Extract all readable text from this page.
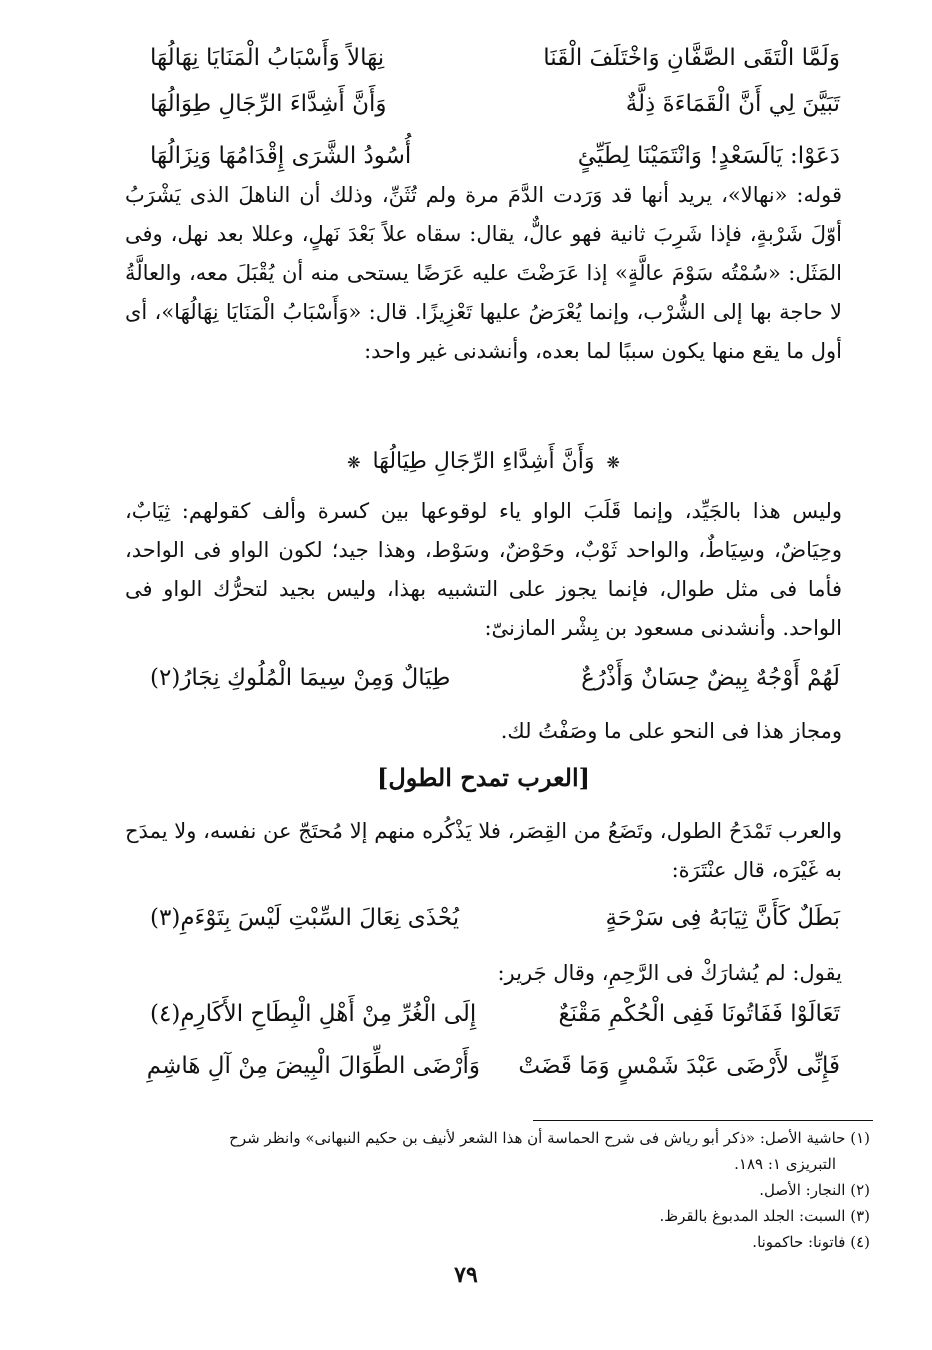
وَلَمَّا الْتَقَى الصَّفَّانِ وَاخْتَلَفَ الْقَنَا
نِهَالاً وَأَسْبَابُ الْمَنَايَا نِهَالُهَا
تَبَيَّنَ لِي أَنَّ الْقَمَاءَةَ ذِلَّةٌ
وَأَنَّ أَشِدَّاءَ الرِّجَالِ طِوَالُهَا
دَعَوْا: يَالَسَعْدٍ! وَانْتَمَيْنَا لِطَيِّئٍ
أُسُودُ الشَّرَى إِقْدَامُهَا وَنِزَالُهَا
قوله: «نهالا»، يريد أنها قد وَرَدت الدَّمَ مرة ولم تُثَنِّ، وذلك أن الناهلَ الذى يَشْرَبُ أوّلَ شَرْبةٍ، فإذا شَرِبَ ثانية فهو عالٌّ، يقال: سقاه علاً بَعْدَ نَهلٍ، وعللا بعد نهل، وفى المَثَل: «سُمْتُه سَوْمَ عالَّةٍ» إذا عَرَضْتَ عليه عَرَضًا يستحى منه أن يُقْبَلَ معه، والعالَّةُ لا حاجة بها إلى الشُّرْب، وإنما يُعْرَضُ عليها تَعْزِيزًا. قال: «وَأَسْبَابُ الْمَنَايَا نِهَالُهَا»، أى أول ما يقع منها يكون سببًا لما بعده، وأنشدنى غير واحد:
❋وَأَنَّ أَشِدَّاءِ الرِّجَالِ طِيَالُهَا❋
وليس هذا بالجَيِّد، وإنما قَلَبَ الواو ياء لوقوعها بين كسرة وألف كقولهم: ثِيَابٌ، وحِيَاضٌ، وسِيَاطٌ، والواحد ثَوْبٌ، وحَوْضٌ، وسَوْط، وهذا جيد؛ لكون الواو فى الواحد، فأما فى مثل طوال، فإنما يجوز على التشبيه بهذا، وليس بجيد لتحرُّك الواو فى الواحد. وأنشدنى مسعود بن بِشْر المازنىّ:
لَهُمْ أَوْجُهٌ بِيضٌ حِسَانٌ وَأَذْرُعٌ
طِيَالٌ وَمِنْ سِيمَا الْمُلُوكِ نِجَارُ(٢)
ومجاز هذا فى النحو على ما وصَفْتُ لك.
[العرب تمدح الطول]
والعرب تَمْدَحُ الطول، وتَضَعُ من القِصَر، فلا يَذْكُره منهم إلا مُحتَجّ عن نفسه، ولا يمدَح به غَيْرَه، قال عنْتَرَة:
بَطَلٌ كَأَنَّ ثِيَابَهُ فِى سَرْحَةٍ
يُحْذَى نِعَالَ السِّبْتِ لَيْسَ بِتَوْءَمِ(٣)
يقول: لم يُشارَكْ فى الرَّحِمِ، وقال جَرير:
تَعَالَوْا فَفَاتُونَا فَفِى الْحُكْمِ مَقْنَعٌ
إِلَى الْغُرِّ مِنْ أَهْلِ الْبِطَاحِ الأَكَارِمِ(٤)
فَإِنِّى لأَرْضَى عَبْدَ شَمْسٍ وَمَا قَضَتْ
وَأَرْضَى الطِّوَالَ الْبِيضَ مِنْ آلِ هَاشِمِ
(١) حاشية الأصل: «ذكر أبو رياش فى شرح الحماسة أن هذا الشعر لأنيف بن حكيم النبهانى» وانظر شرح
التبريزى ١: ١٨٩.
(٢) النجار: الأصل.
(٣) السبت: الجلد المدبوغ بالقرظ.
(٤) فاتونا: حاكمونا.
٧٩
